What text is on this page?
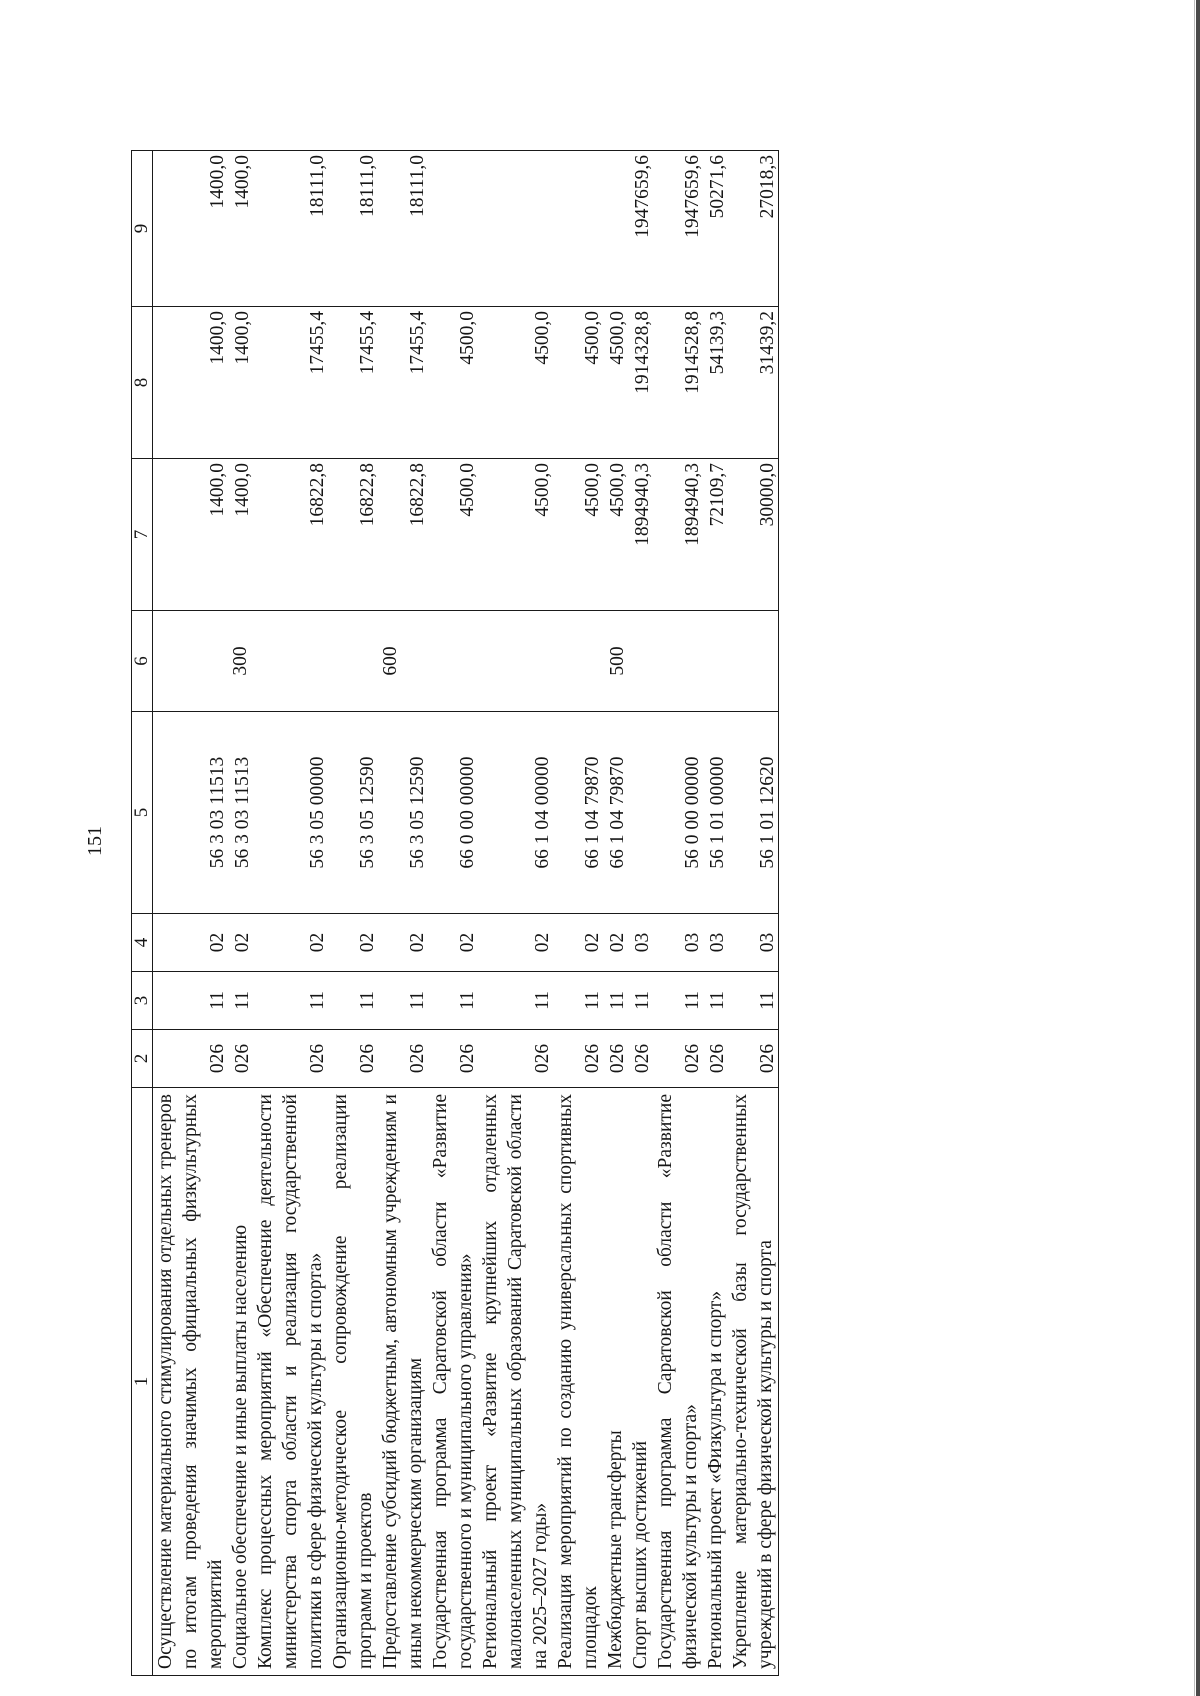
151
1	2	3	4	5	6	7	8	9
Осуществление материального стимулирования отдельных тренеров по итогам проведения значимых официальных физкультурных мероприятий	026	11	02	56 3 03 11513		1400,0	1400,0	1400,0
Социальное обеспечение и иные выплаты населению	026	11	02	56 3 03 11513	300	1400,0	1400,0	1400,0
Комплекс процессных мероприятий «Обеспечение деятельности министерства спорта области и реализация государственной политики в сфере физической культуры и спорта»	026	11	02	56 3 05 00000		16822,8	17455,4	18111,0
Организационно-методическое сопровождение реализации программ и проектов	026	11	02	56 3 05 12590		16822,8	17455,4	18111,0
Предоставление субсидий бюджетным, автономным учреждениям и иным некоммерческим организациям	026	11	02	56 3 05 12590	600	16822,8	17455,4	18111,0
Государственная программа Саратовской области «Развитие государственного и муниципального управления»	026	11	02	66 0 00 00000		4500,0	4500,0	
Региональный проект «Развитие крупнейших отдаленных малонаселенных муниципальных образований Саратовской области на 2025–2027 годы»	026	11	02	66 1 04 00000		4500,0	4500,0	
Реализация мероприятий по созданию универсальных спортивных площадок	026	11	02	66 1 04 79870		4500,0	4500,0	
Межбюджетные трансферты	026	11	02	66 1 04 79870	500	4500,0	4500,0	
Спорт высших достижений	026	11	03			1894940,3	1914328,8	1947659,6
Государственная программа Саратовской области «Развитие физической культуры и спорта»	026	11	03	56 0 00 00000		1894940,3	1914528,8	1947659,6
Региональный проект «Физкультура и спорт»	026	11	03	56 1 01 00000		72109,7	54139,3	50271,6
Укрепление материально-технической базы государственных учреждений в сфере физической культуры и спорта	026	11	03	56 1 01 12620		30000,0	31439,2	27018,3
